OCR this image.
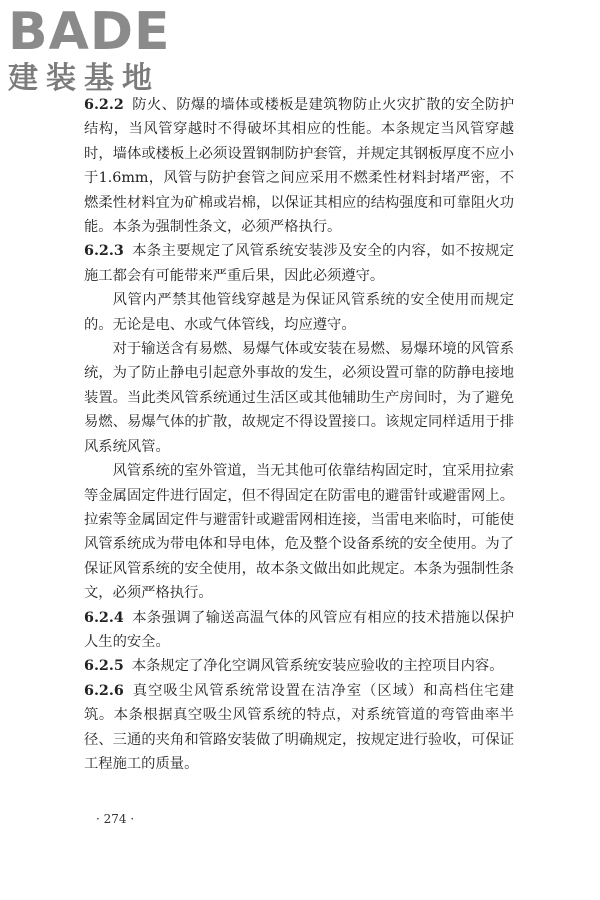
BADE
建装基地

6.2.2 防火、防爆的墙体或楼板是建筑物防止火灾扩散的安全防护结构，当风管穿越时不得破坏其相应的性能。本条规定当风管穿越时，墙体或楼板上必须设置钢制防护套管，并规定其钢板厚度不应小于1.6mm，风管与防护套管之间应采用不燃柔性材料封堵严密，不燃柔性材料宜为矿棉或岩棉，以保证其相应的结构强度和可靠阻火功能。本条为强制性条文，必须严格执行。

6.2.3 本条主要规定了风管系统安装涉及安全的内容，如不按规定施工都会有可能带来严重后果，因此必须遵守。

风管内严禁其他管线穿越是为保证风管系统的安全使用而规定的。无论是电、水或气体管线，均应遵守。

对于输送含有易燃、易爆气体或安装在易燃、易爆环境的风管系统，为了防止静电引起意外事故的发生，必须设置可靠的防静电接地装置。当此类风管系统通过生活区或其他辅助生产房间时，为了避免易燃、易爆气体的扩散，故规定不得设置接口。该规定同样适用于排风系统风管。

风管系统的室外管道，当无其他可依靠结构固定时，宜采用拉索等金属固定件进行固定，但不得固定在防雷电的避雷针或避雷网上。拉索等金属固定件与避雷针或避雷网相连接，当雷电来临时，可能使风管系统成为带电体和导电体，危及整个设备系统的安全使用。为了保证风管系统的安全使用，故本条文做出如此规定。本条为强制性条文，必须严格执行。

6.2.4 本条强调了输送高温气体的风管应有相应的技术措施以保护人生的安全。

6.2.5 本条规定了净化空调风管系统安装应验收的主控项目内容。

6.2.6 真空吸尘风管系统常设置在洁净室（区域）和高档住宅建筑。本条根据真空吸尘风管系统的特点，对系统管道的弯管曲率半径、三通的夹角和管路安装做了明确规定，按规定进行验收，可保证工程施工的质量。

· 274 ·
